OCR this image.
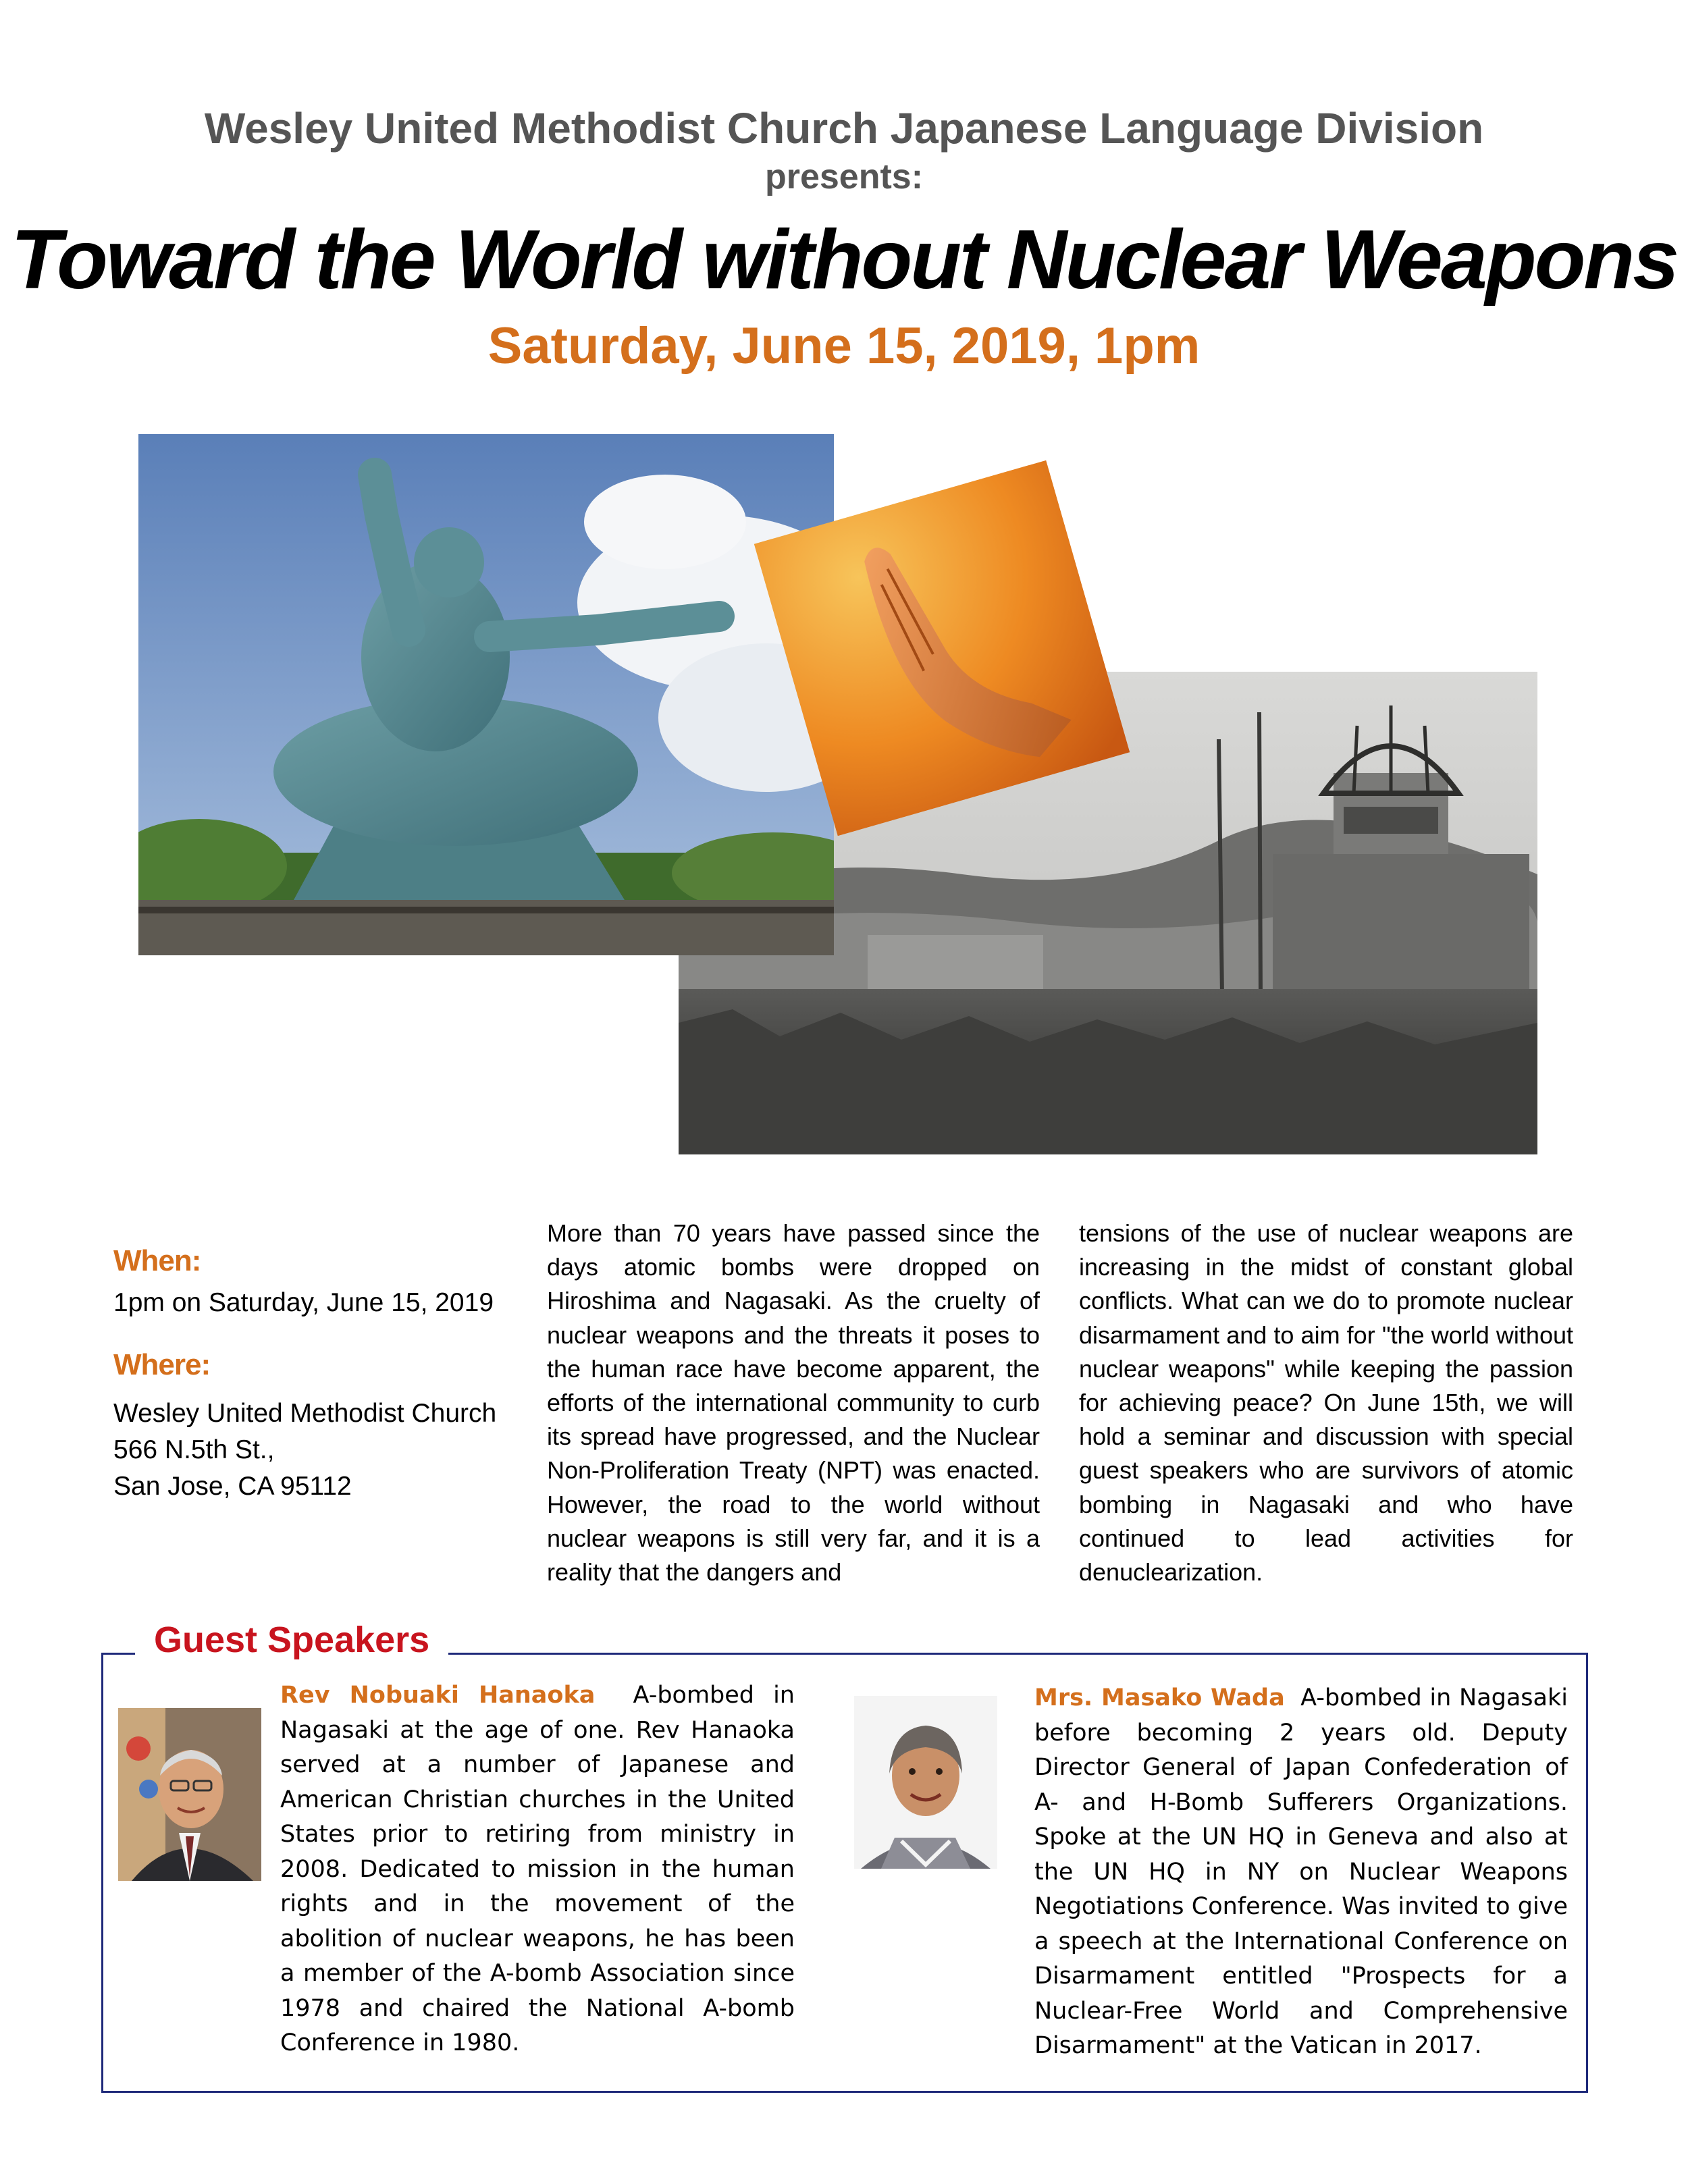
Wesley United Methodist Church Japanese Language Division
presents:
Toward the World without Nuclear Weapons
Saturday, June 15, 2019, 1pm
When:
1pm on Saturday, June 15, 2019
Where:
Wesley United Methodist Church
566 N.5th St.,
San Jose, CA 95112
More than 70 years have passed since the days atomic bombs were dropped on Hiroshima and Nagasaki. As the cruelty of nuclear weapons and the threats it poses to the human race have become apparent, the efforts of the international community to curb its spread have progressed, and the Nuclear Non-Proliferation Treaty (NPT) was enacted. However, the road to the world without nuclear weapons is still very far, and it is a reality that the dangers and
tensions of the use of nuclear weapons are increasing in the midst of constant global conflicts. What can we do to promote nuclear disarmament and to aim for "the world without nuclear weapons" while keeping the passion for achieving peace? On June 15th, we will hold a seminar and discussion with special guest speakers who are survivors of atomic bombing in Nagasaki and who have continued to lead activities for denuclearization.
Guest Speakers
Rev Nobuaki Hanaoka A-bombed in Nagasaki at the age of one. Rev Hanaoka served at a number of Japanese and American Christian churches in the United States prior to retiring from ministry in 2008. Dedicated to mission in the human rights and in the movement of the abolition of nuclear weapons, he has been a member of the A-bomb Association since 1978 and chaired the National A-bomb Conference in 1980.
Mrs. Masako Wada A-bombed in Nagasaki before becoming 2 years old. Deputy Director General of Japan Confederation of A- and H-Bomb Sufferers Organizations. Spoke at the UN HQ in Geneva and also at the UN HQ in NY on Nuclear Weapons Negotiations Conference. Was invited to give a speech at the International Conference on Disarmament entitled "Prospects for a Nuclear-Free World and Comprehensive Disarmament" at the Vatican in 2017.
